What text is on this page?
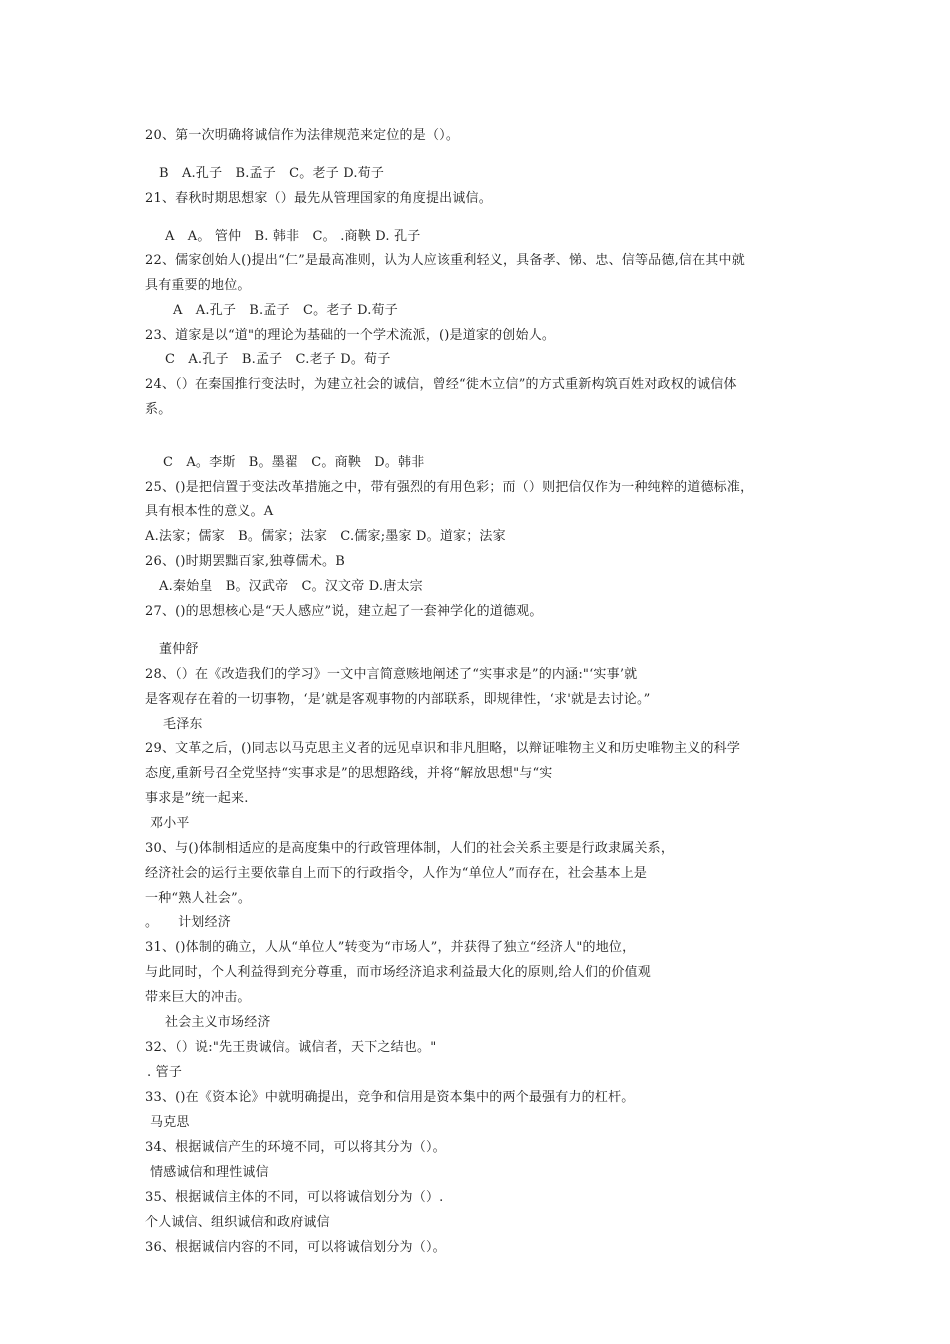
20、第一次明确将诚信作为法律规范来定位的是（）。
B　A.孔子　B.孟子　C。老子 D.荀子
21、春秋时期思想家（）最先从管理国家的角度提出诚信。
A　A。 管仲　B. 韩非　C。 .商鞅 D. 孔子
22、儒家创始人()提出“仁”是最高准则，认为人应该重利轻义，具备孝、悌、忠、信等品德,信在其中就
具有重要的地位。
A　A.孔子　B.孟子　C。老子 D.荀子
23、道家是以“道"的理论为基础的一个学术流派，()是道家的创始人。
C　A.孔子　B.孟子　C.老子 D。荀子
24、（）在秦国推行变法时，为建立社会的诚信，曾经“徙木立信”的方式重新构筑百姓对政权的诚信体
系。
C　A。李斯　B。墨翟　C。商鞅　D。韩非
25、()是把信置于变法改革措施之中，带有强烈的有用色彩；而（）则把信仅作为一种纯粹的道德标准，
具有根本性的意义。A
A.法家；儒家　B。儒家；法家　C.儒家;墨家 D。道家；法家
26、()时期罢黜百家,独尊儒术。B
A.秦始皇　B。汉武帝　C。汉文帝 D.唐太宗
27、()的思想核心是“天人感应”说，建立起了一套神学化的道德观。
董仲舒
28、（）在《改造我们的学习》一文中言简意赅地阐述了“实事求是”的内涵:"‘实事’就
是客观存在着的一切事物，‘是’就是客观事物的内部联系，即规律性，‘求'就是去讨论。”
毛泽东
29、文革之后，()同志以马克思主义者的远见卓识和非凡胆略，以辩证唯物主义和历史唯物主义的科学
态度,重新号召全党坚持“实事求是”的思想路线，并将“解放思想"与“实
事求是”统一起来.
邓小平
30、与()体制相适应的是高度集中的行政管理体制，人们的社会关系主要是行政隶属关系，
经济社会的运行主要依靠自上而下的行政指令，人作为“单位人”而存在，社会基本上是
一种“熟人社会”。
。　　计划经济
31、()体制的确立，人从“单位人”转变为“市场人”，并获得了独立“经济人"的地位，
与此同时，个人利益得到充分尊重，而市场经济追求利益最大化的原则,给人们的价值观
带来巨大的冲击。
社会主义市场经济
32、（）说:"先王贵诚信。诚信者，天下之结也。"
. 管子
33、()在《资本论》中就明确提出，竞争和信用是资本集中的两个最强有力的杠杆。
马克思
34、根据诚信产生的环境不同，可以将其分为（）。
情感诚信和理性诚信
35、根据诚信主体的不同，可以将诚信划分为（）.
个人诚信、组织诚信和政府诚信
36、根据诚信内容的不同，可以将诚信划分为（）。
